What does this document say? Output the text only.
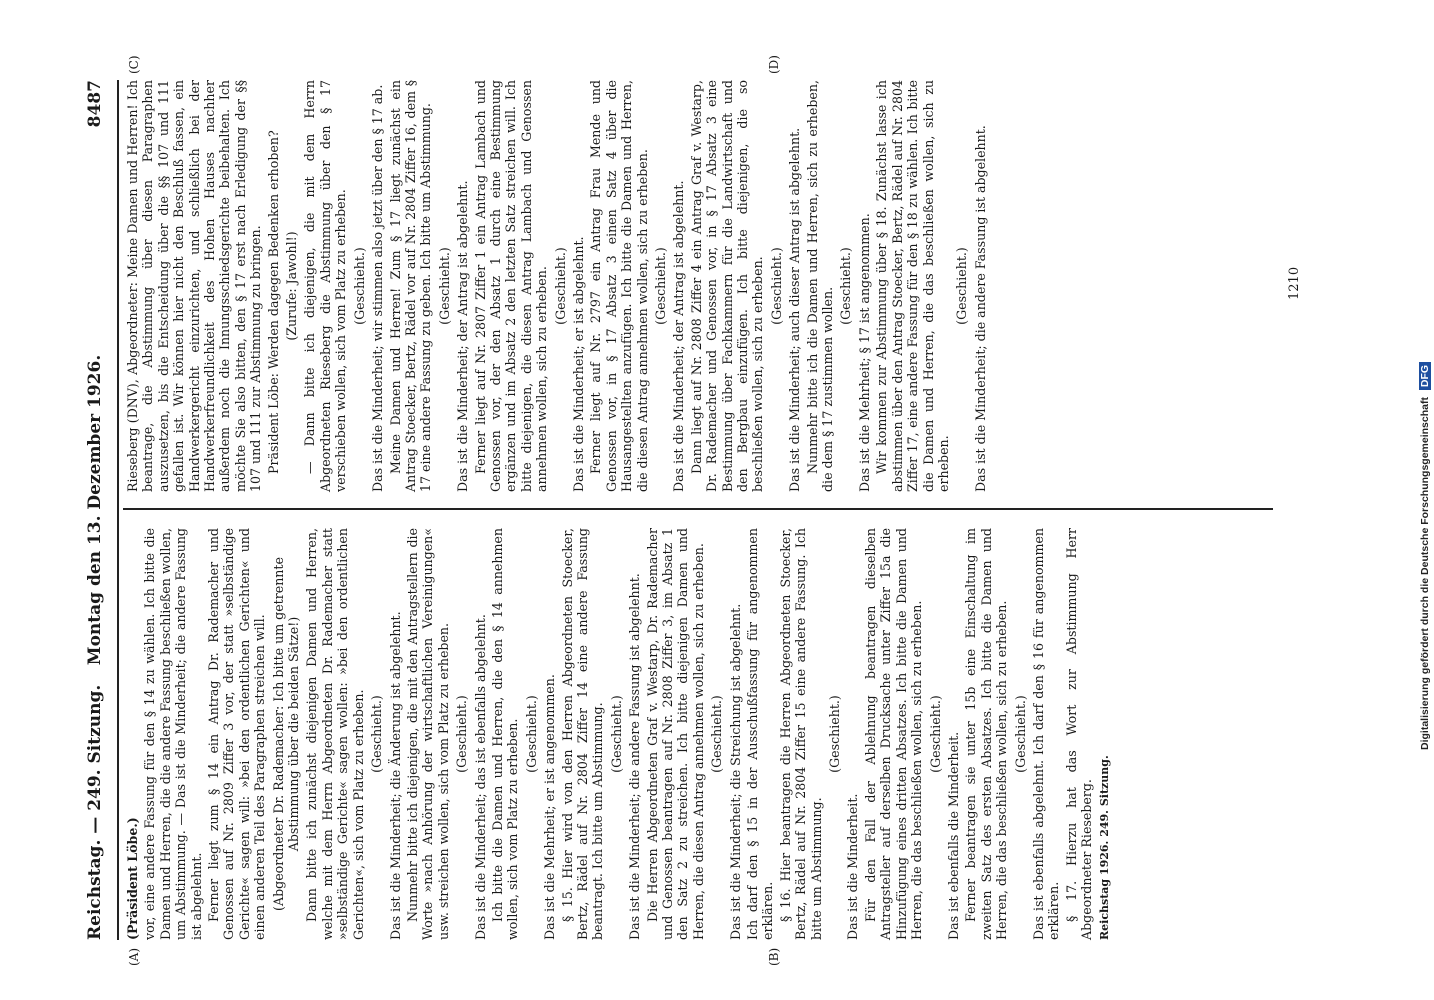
Reichstag. — 249. Sitzung.
Montag den 13. Dezember 1926.
8487
(A)	(B)
(C)	(D)

(Präsident Löbe.) vor, eine andere Fassung für den § 14 zu wählen. Ich bitte die Damen und Herren, die die andere Fassung beschließen wollen, um Abstimmung. — Das ist die Minderheit; die andere Fassung ist abgelehnt. Ferner liegt zum § 14 ein Antrag Dr. Rademacher und Genossen auf Nr. 2809 Ziffer 3 vor, der statt »selbständige Gerichte« sagen will: »bei den ordentlichen Gerichten« und einen anderen Teil des Paragraphen streichen will. (Abgeordneter Dr. Rademacher: Ich bitte um getrennte Abstimmung über die beiden Sätze!) Dann bitte ich zunächst diejenigen Damen und Herren, welche mit dem Herrn Abgeordneten Dr. Rademacher statt »selbständige Gerichte« sagen wollen: »bei den ordentlichen Gerichten«, sich vom Platz zu erheben. (Geschieht.) Das ist die Minderheit; die Änderung ist abgelehnt. Nunmehr bitte ich diejenigen, die mit den Antragstellern die Worte »nach Anhörung der wirtschaftlichen Vereinigungen« usw. streichen wollen, sich vom Platz zu erheben. (Geschieht.) Das ist die Minderheit; das ist ebenfalls abgelehnt. Ich bitte die Damen und Herren, die den § 14 annehmen wollen, sich vom Platz zu erheben. (Geschieht.) Das ist die Mehrheit; er ist angenommen. § 15. Hier wird von den Herren Abgeordneten Stoecker, Bertz, Rädel auf Nr. 2804 Ziffer 14 eine andere Fassung beantragt. Ich bitte um Abstimmung. (Geschieht.) Das ist die Minderheit; die andere Fassung ist abgelehnt. Die Herren Abgeordneten Graf v. Westarp, Dr. Rademacher und Genossen beantragen auf Nr. 2808 Ziffer 3, im Absatz 1 den Satz 2 zu streichen. Ich bitte diejenigen Damen und Herren, die diesen Antrag annehmen wollen, sich zu erheben. (Geschieht.) Das ist die Minderheit; die Streichung ist abgelehnt. Ich darf den § 15 in der Ausschußfassung für angenommen erklären. § 16. Hier beantragen die Herren Abgeordneten Stoecker, Bertz, Rädel auf Nr. 2804 Ziffer 15 eine andere Fassung. Ich bitte um Abstimmung.

(Geschieht.)

Das ist die Minderheit. Für den Fall der Ablehnung beantragen dieselben Antragsteller auf derselben Drucksache unter Ziffer 15a die Hinzufügung eines dritten Absatzes. Ich bitte die Damen und Herren, die das beschließen wollen, sich zu erheben. (Geschieht.) Das ist ebenfalls die Minderheit. Ferner beantragen sie unter 15b eine Einschaltung im zweiten Satz des ersten Absatzes. Ich bitte die Damen und Herren, die das beschließen wollen, sich zu erheben. (Geschieht.) Das ist ebenfalls abgelehnt. Ich darf den § 16 für angenommen erklären. § 17. Hierzu hat das Wort zur Abstimmung Herr Abgeordneter Rieseberg. Reichstag 1926. 249. Sitzung.

Rieseberg (DNV), Abgeordneter: Meine Damen und Herren! Ich beantrage, die Abstimmung über diesen Paragraphen auszusetzen, bis die Entscheidung über die §§ 107 und 111 gefallen ist. Wir können hier nicht den Beschluß fassen, ein Handwerkergericht einzurichten, und schließlich bei der Handwerkerfreundlichkeit des Hohen Hauses nachher außerdem noch die Innungsschiedsgerichte beibehalten. Ich möchte Sie also bitten, den § 17 erst nach Erledigung der §§ 107 und 111 zur Abstimmung zu bringen. Präsident Löbe: Werden dagegen Bedenken erhoben? (Zurufe: Jawohl!) — Dann bitte ich diejenigen, die mit dem Herrn Abgeordneten Rieseberg die Abstimmung über den § 17 verschieben wollen, sich vom Platz zu erheben. (Geschieht.) Das ist die Minderheit; wir stimmen also jetzt über den § 17 ab. Meine Damen und Herren! Zum § 17 liegt zunächst ein Antrag Stoecker, Bertz, Rädel vor auf Nr. 2804 Ziffer 16, dem § 17 eine andere Fassung zu geben. Ich bitte um Abstimmung. (Geschieht.) Das ist die Minderheit; der Antrag ist abgelehnt. Ferner liegt auf Nr. 2807 Ziffer 1 ein Antrag Lambach und Genossen vor, der den Absatz 1 durch eine Bestimmung ergänzen und im Absatz 2 den letzten Satz streichen will. Ich bitte diejenigen, die diesen Antrag Lambach und Genossen annehmen wollen, sich zu erheben. (Geschieht.) Das ist die Minderheit; er ist abgelehnt. Ferner liegt auf Nr. 2797 ein Antrag Frau Mende und Genossen vor, in § 17 Absatz 3 einen Satz 4 über die Hausangestellten anzufügen. Ich bitte die Damen und Herren, die diesen Antrag annehmen wollen, sich zu erheben. (Geschieht.) Das ist die Minderheit; der Antrag ist abgelehnt. Dann liegt auf Nr. 2808 Ziffer 4 ein Antrag Graf v. Westarp, Dr. Rademacher und Genossen vor, in § 17 Absatz 3 eine Bestimmung über Fachkammern für die Landwirtschaft und den Bergbau einzufügen. Ich bitte diejenigen, die so beschließen wollen, sich zu erheben. (Geschieht.) Das ist die Minderheit; auch dieser Antrag ist abgelehnt. Nunmehr bitte ich die Damen und Herren, sich zu erheben, die dem § 17 zustimmen wollen.

(Geschieht.) Das ist die Mehrheit; § 17 ist angenommen. Wir kommen zur Abstimmung über § 18. Zunächst lasse ich abstimmen über den Antrag Stoecker, Bertz, Rädel auf Nr. 2804 Ziffer 17, eine andere Fassung für den § 18 zu wählen. Ich bitte die Damen und Herren, die das beschließen wollen, sich zu erheben.

(Geschieht.) Das ist die Minderheit; die andere Fassung ist abgelehnt.	1210
Digitalisierung gefördert durch die Deutsche Forschungsgemeinschaft DFG
